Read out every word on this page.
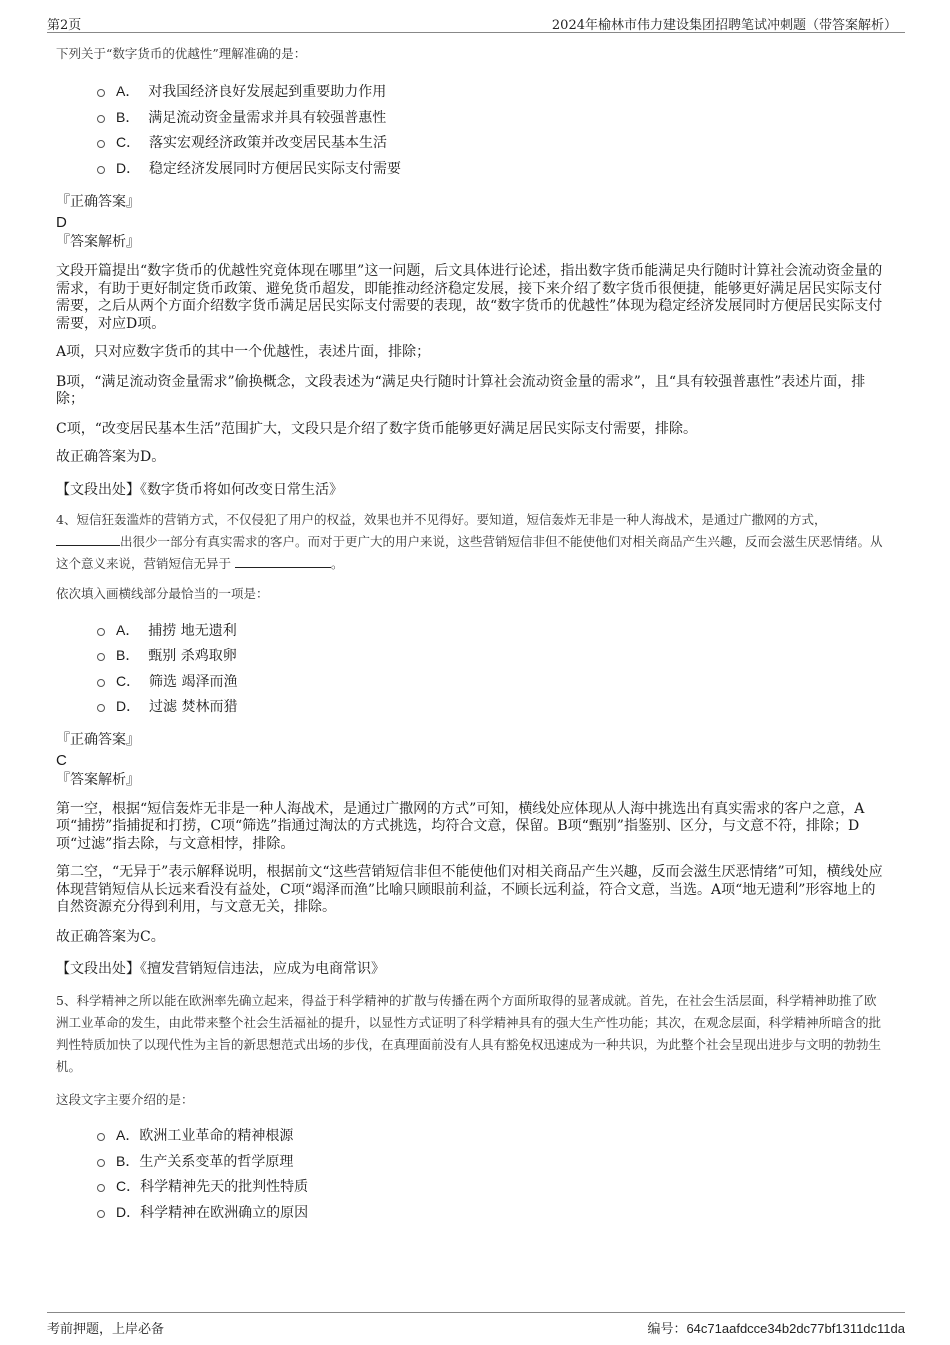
第2页	2024年榆林市伟力建设集团招聘笔试冲刺题（带答案解析）
下列关于“数字货币的优越性”理解准确的是：
A． 对我国经济良好发展起到重要助力作用
B． 满足流动资金量需求并具有较强普惠性
C． 落实宏观经济政策并改变居民基本生活
D． 稳定经济发展同时方便居民实际支付需要
『正确答案』
D
『答案解析』

文段开篇提出“数字货币的优越性究竟体现在哪里”这一问题，后文具体进行论述，指出数字货币能满足央行随时计算社会流动资金量的需求，有助于更好制定货币政策、避免货币超发，即能推动经济稳定发展，接下来介绍了数字货币很便捷，能够更好满足居民实际支付需要，之后从两个方面介绍数字货币满足居民实际支付需要的表现，故“数字货币的优越性”体现为稳定经济发展同时方便居民实际支付需要，对应D项。

A项，只对应数字货币的其中一个优越性，表述片面，排除；

B项，“满足流动资金量需求”偷换概念，文段表述为“满足央行随时计算社会流动资金量的需求”，且“具有较强普惠性”表述片面，排除；

C项，“改变居民基本生活”范围扩大，文段只是介绍了数字货币能够更好满足居民实际支付需要，排除。

故正确答案为D。

【文段出处】《数字货币将如何改变日常生活》
4、短信狂轰滥炸的营销方式，不仅侵犯了用户的权益，效果也并不见得好。要知道，短信轰炸无非是一种人海战术，是通过广撒网的方式，出很少一部分有真实需求的客户。而对于更广大的用户来说，这些营销短信非但不能使他们对相关商品产生兴趣，反而会滋生厌恶情绪。从这个意义来说，营销短信无异于	。
依次填入画横线部分最恰当的一项是：
A． 捕捞 地无遗利
B． 甄别 杀鸡取卵
C． 筛选 竭泽而渔
D． 过滤 焚林而猎
『正确答案』
C
『答案解析』

第一空，根据“短信轰炸无非是一种人海战术，是通过广撒网的方式”可知，横线处应体现从人海中挑选出有真实需求的客户之意，A项“捕捞”指捕捉和打捞，C项“筛选”指通过淘汰的方式挑选，均符合文意，保留。B项“甄别”指鉴别、区分，与文意不符，排除；D项“过滤”指去除，与文意相悖，排除。

第二空，“无异于”表示解释说明，根据前文“这些营销短信非但不能使他们对相关商品产生兴趣，反而会滋生厌恶情绪”可知，横线处应体现营销短信从长远来看没有益处，C项“竭泽而渔”比喻只顾眼前利益，不顾长远利益，符合文意，当选。A项“地无遗利”形容地上的自然资源充分得到利用，与文意无关，排除。

故正确答案为C。

【文段出处】《擅发营销短信违法，应成为电商常识》
5、科学精神之所以能在欧洲率先确立起来，得益于科学精神的扩散与传播在两个方面所取得的显著成就。首先，在社会生活层面，科学精神助推了欧洲工业革命的发生，由此带来整个社会生活福祉的提升，以显性方式证明了科学精神具有的强大生产性功能；其次，在观念层面，科学精神所暗含的批判性特质加快了以现代性为主旨的新思想范式出场的步伐，在真理面前没有人具有豁免权迅速成为一种共识，为此整个社会呈现出进步与文明的勃勃生机。
这段文字主要介绍的是：
A．欧洲工业革命的精神根源
B．生产关系变革的哲学原理
C．科学精神先天的批判性特质
D．科学精神在欧洲确立的原因
考前押题，上岸必备	编号：64c71aafdcce34b2dc77bf1311dc11da
